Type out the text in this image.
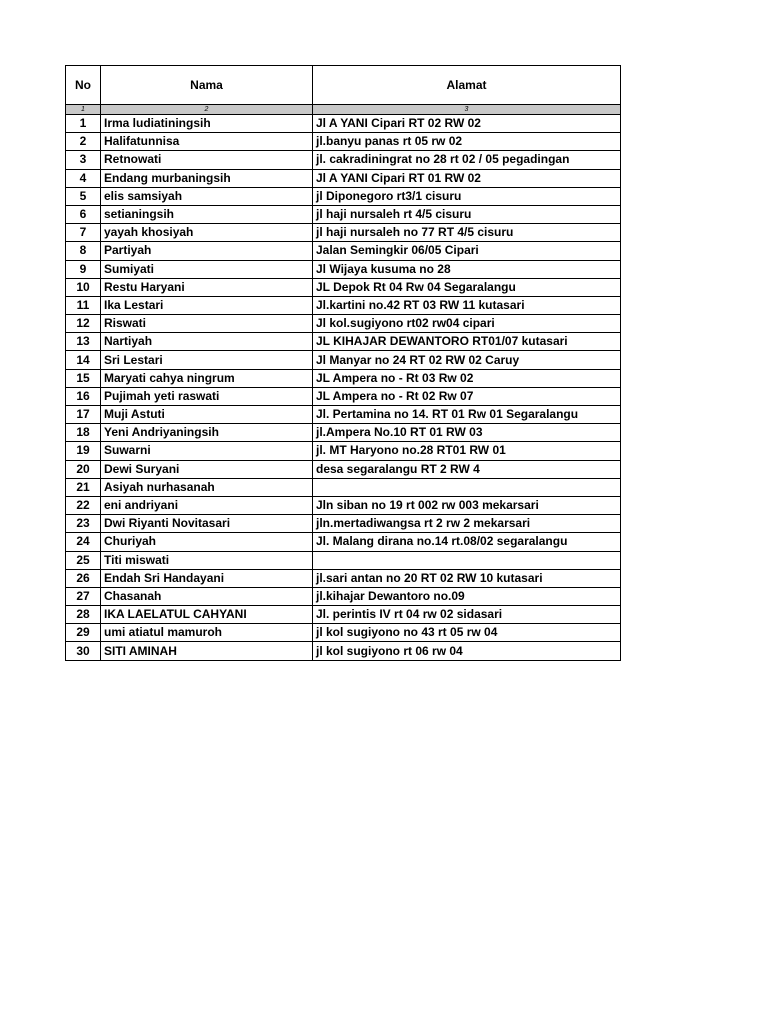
No	Nama	Alamat
1	2	3
1	Irma ludiatiningsih	Jl A YANI Cipari RT 02 RW 02
2	Halifatunnisa	jl.banyu panas rt 05 rw 02
3	Retnowati	jl. cakradiningrat no 28 rt 02 / 05 pegadingan
4	Endang murbaningsih	Jl A YANI Cipari RT 01 RW 02
5	elis samsiyah	jl Diponegoro rt3/1 cisuru
6	setianingsih	jl haji nursaleh rt 4/5 cisuru
7	yayah khosiyah	jl haji nursaleh no 77 RT 4/5 cisuru
8	Partiyah	Jalan Semingkir 06/05 Cipari
9	Sumiyati	Jl Wijaya kusuma no 28
10	Restu Haryani	JL Depok Rt 04 Rw 04 Segaralangu
11	Ika Lestari	Jl.kartini no.42 RT 03 RW 11 kutasari
12	Riswati	Jl kol.sugiyono rt02 rw04 cipari
13	Nartiyah	JL KIHAJAR DEWANTORO RT01/07 kutasari
14	Sri Lestari	Jl Manyar no 24 RT 02 RW 02 Caruy
15	Maryati cahya ningrum	JL Ampera no - Rt 03 Rw 02
16	Pujimah yeti raswati	JL Ampera no - Rt 02 Rw 07
17	Muji Astuti	Jl. Pertamina no 14. RT 01 Rw 01 Segaralangu
18	Yeni Andriyaningsih	jl.Ampera No.10 RT 01 RW 03
19	Suwarni	jl. MT Haryono no.28 RT01 RW 01
20	Dewi Suryani	desa segaralangu RT 2 RW 4
21	Asiyah nurhasanah	
22	eni andriyani	Jln siban no 19 rt 002 rw 003 mekarsari
23	Dwi Riyanti Novitasari	jln.mertadiwangsa rt 2 rw 2 mekarsari
24	Churiyah	Jl. Malang dirana no.14 rt.08/02 segaralangu
25	Titi miswati	
26	Endah Sri Handayani	jl.sari antan no 20 RT 02 RW 10 kutasari
27	Chasanah	jl.kihajar Dewantoro no.09
28	IKA LAELATUL CAHYANI	Jl. perintis IV rt 04 rw 02 sidasari
29	umi atiatul mamuroh	jl kol sugiyono no 43 rt 05 rw 04
30	SITI AMINAH	jl kol sugiyono rt 06 rw 04
